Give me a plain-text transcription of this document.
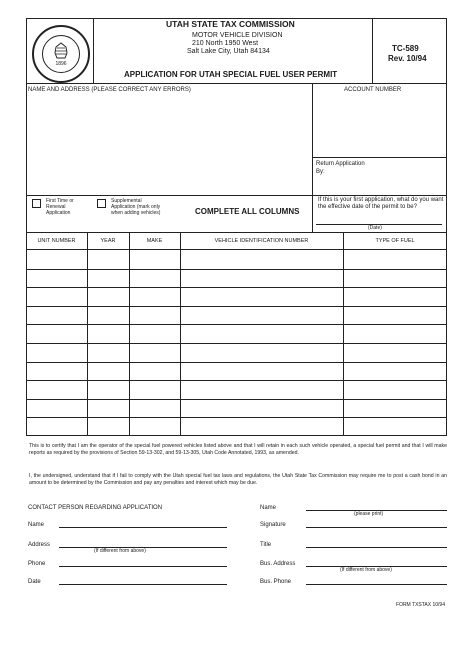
1896
UTAH STATE TAX COMMISSION
MOTOR VEHICLE DIVISION
210 North 1950 West
Salt Lake City, Utah 84134
APPLICATION FOR UTAH SPECIAL FUEL USER PERMIT
TC-589
Rev. 10/94
NAME AND ADDRESS (PLEASE CORRECT ANY ERRORS)	ACCOUNT NUMBER
Return Application
By:
First Time or Renewal Application
Supplemental Application (mark only when adding vehicles)	COMPLETE ALL COLUMNS
If this is your first application, what do you want the effective date of the permit to be?
(Date)
UNIT NUMBER	YEAR	MAKE	VEHICLE IDENTIFICATION NUMBER	TYPE OF FUEL
This is to certify that I am the operator of the special fuel powered vehicles listed above and that I will retain in each such vehicle operated, a special fuel permit and that I will make reports as required by the provisions of Section 59-13-302, and 59-13-305, Utah Code Annotated, 1993, as amended.
I, the undersigned, understand that if I fail to comply with the Utah special fuel tax laws and regulations, the Utah State Tax Commission may require me to post a cash bond in an amount to be determined by the Commission and pay any penalties and interest which may be due.
CONTACT PERSON REGARDING APPLICATION
Name
Address
(If different from above)
Phone
Date
Name
(please print)
Signature
Title
Bus. Address
(If different from above)
Bus. Phone
FORM TXSTAX 10/94
